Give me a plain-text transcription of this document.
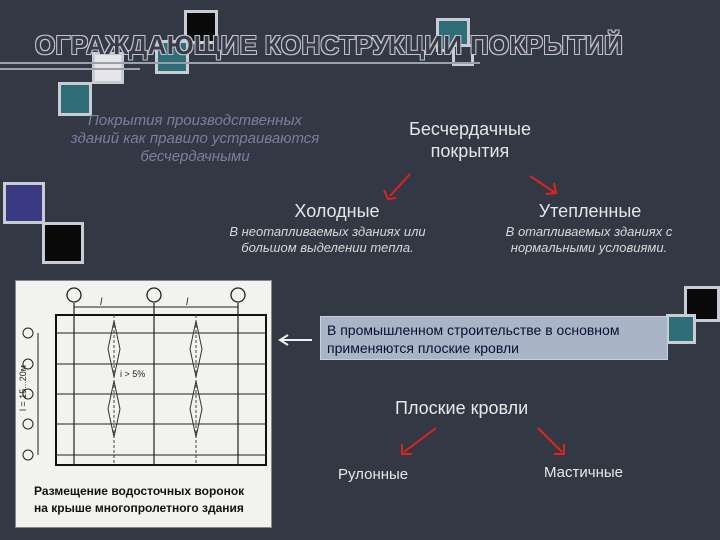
ОГРАЖДАЮЩИЕ КОНСТРУКЦИИ ПОКРЫТИЙ
Покрытия производственных зданий как правило устраиваются бесчердачными
Бесчердачные покрытия
Холодные	Утепленные
В неотапливаемых зданиях или большом выделении тепла.
В отапливаемых зданиях с нормальными условиями.
l	l
i > 5%
l = 15...20м
Размещение водосточных воронок на крыше многопролетного здания
В промышленном строительстве в основном применяются плоские кровли
Плоские кровли
Рулонные	Мастичные
